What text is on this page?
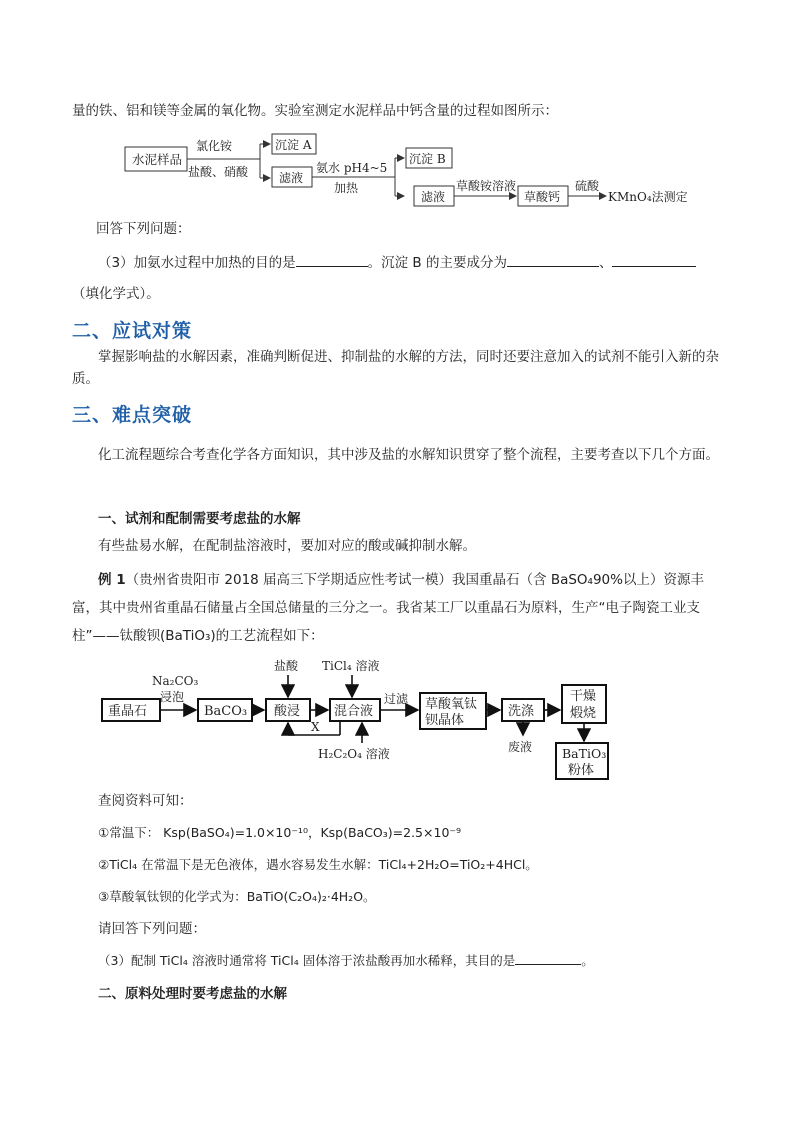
量的铁、铝和镁等金属的氧化物。实验室测定水泥样品中钙含量的过程如图所示：
水泥样品
氯化铵
盐酸、硝酸
沉淀 A
滤液
氨水 pH4~5
加热
沉淀 B
滤液
草酸铵溶液
草酸钙
硫酸
KMnO₄法测定
回答下列问题：
（3）加氨水过程中加热的目的是	。沉淀 B 的主要成分为	、
（填化学式）。
二、应试对策
掌握影响盐的水解因素，准确判断促进、抑制盐的水解的方法，同时还要注意加入的试剂不能引入新的杂质。
三、难点突破
化工流程题综合考查化学各方面知识，其中涉及盐的水解知识贯穿了整个流程，主要考查以下几个方面。
一、试剂和配制需要考虑盐的水解
有些盐易水解，在配制盐溶液时，要加对应的酸或碱抑制水解。
例 1（贵州省贵阳市 2018 届高三下学期适应性考试一模）我国重晶石（含 BaSO₄90%以上）资源丰富，其中贵州省重晶石储量占全国总储量的三分之一。我省某工厂以重晶石为原料，生产“电子陶瓷工业支柱”——钛酸钡(BaTiO₃)的工艺流程如下：
重晶石
Na₂CO₃
浸泡
BaCO₃
盐酸
酸浸
TiCl₄ 溶液
混合液
X
H₂C₂O₄ 溶液
过滤 草酸氧钛
钡晶体
洗涤
废液
干燥
煅烧
BaTiO₃
粉体
查阅资料可知：
①常温下： Ksp(BaSO₄)=1.0×10⁻¹⁰，Ksp(BaCO₃)=2.5×10⁻⁹
②TiCl₄ 在常温下是无色液体，遇水容易发生水解：TiCl₄+2H₂O=TiO₂+4HCl。
③草酸氧钛钡的化学式为：BaTiO(C₂O₄)₂·4H₂O。
请回答下列问题：
（3）配制 TiCl₄ 溶液时通常将 TiCl₄ 固体溶于浓盐酸再加水稀释，其目的是	。
二、原料处理时要考虑盐的水解
